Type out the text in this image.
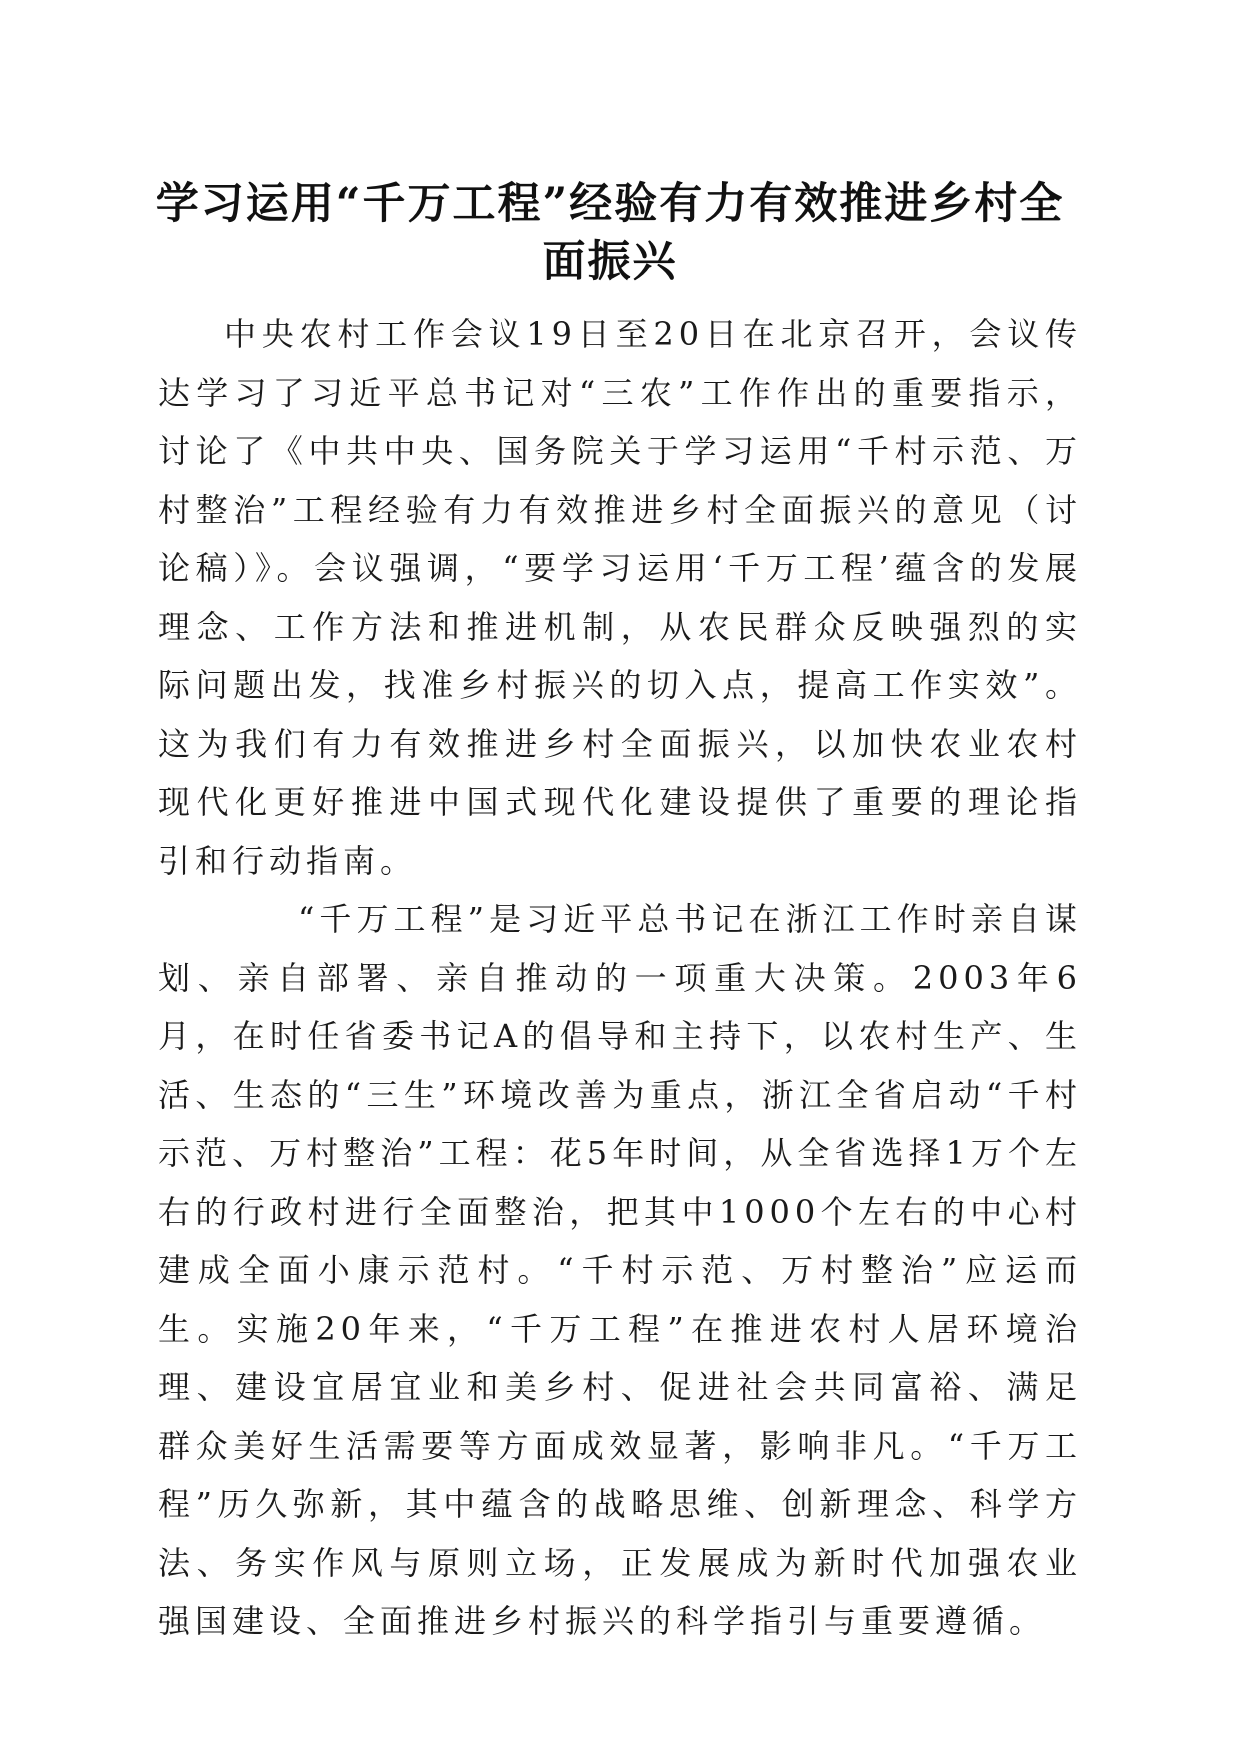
学习运用“千万工程”经验有力有效推进乡村全面振兴

中央农村工作会议19日至20日在北京召开，会议传达学习了习近平总书记对“三农”工作作出的重要指示，讨论了《中共中央、国务院关于学习运用“千村示范、万村整治”工程经验有力有效推进乡村全面振兴的意见（讨论稿）》。会议强调，“要学习运用‘千万工程’蕴含的发展理念、工作方法和推进机制，从农民群众反映强烈的实际问题出发，找准乡村振兴的切入点，提高工作实效”。这为我们有力有效推进乡村全面振兴，以加快农业农村现代化更好推进中国式现代化建设提供了重要的理论指引和行动指南。

“千万工程”是习近平总书记在浙江工作时亲自谋划、亲自部署、亲自推动的一项重大决策。2003年6月，在时任省委书记A的倡导和主持下，以农村生产、生活、生态的“三生”环境改善为重点，浙江全省启动“千村示范、万村整治”工程：花5年时间，从全省选择1万个左右的行政村进行全面整治，把其中1000个左右的中心村建成全面小康示范村。“千村示范、万村整治”应运而生。实施20年来，“千万工程”在推进农村人居环境治理、建设宜居宜业和美乡村、促进社会共同富裕、满足群众美好生活需要等方面成效显著，影响非凡。“千万工程”历久弥新，其中蕴含的战略思维、创新理念、科学方法、务实作风与原则立场，正发展成为新时代加强农业强国建设、全面推进乡村振兴的科学指引与重要遵循。
